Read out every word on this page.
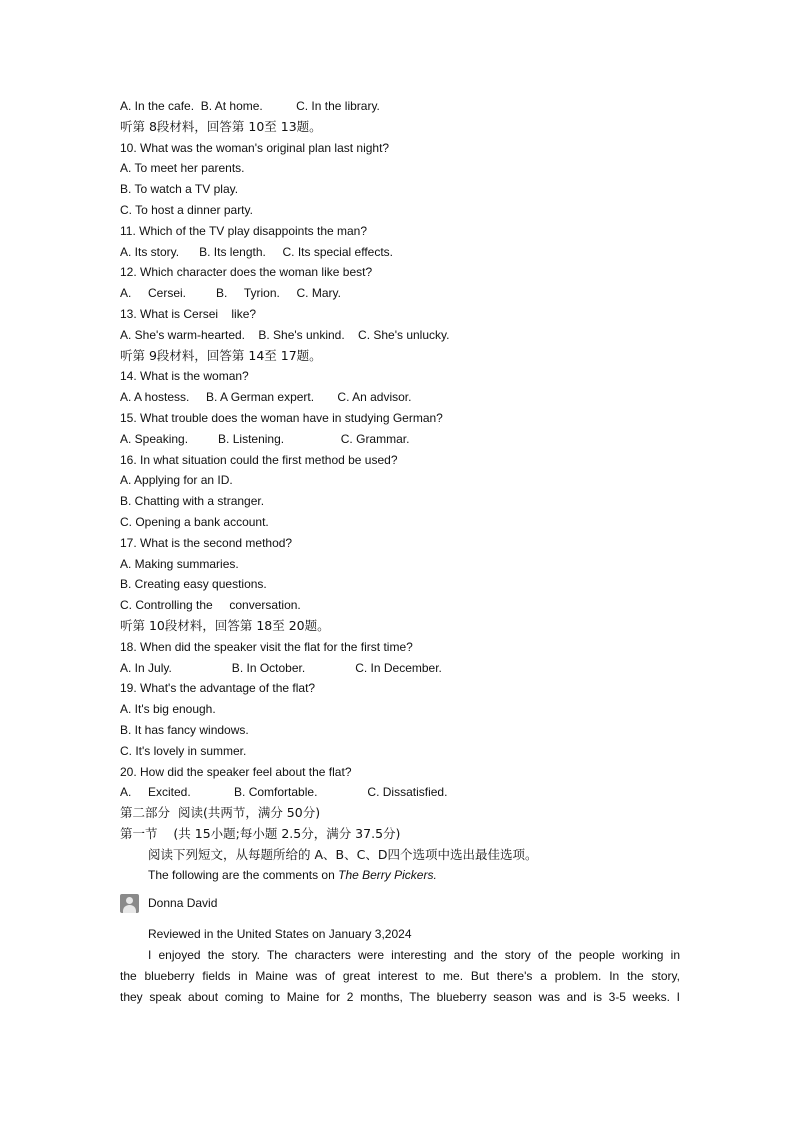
A. In the cafe.  B. At home.          C. In the library.
听第 8段材料，回答第 10至 13题。
10. What was the woman's original plan last night?
A. To meet her parents.
B. To watch a TV play.
C. To host a dinner party.
11. Which of the TV play disappoints the man?
A. Its story.      B. Its length.     C. Its special effects.
12. Which character does the woman like best?
A.     Cersei.         B.     Tyrion.     C. Mary.
13. What is Cersei    like?
A. She's warm-hearted.    B. She's unkind.    C. She's unlucky.
听第 9段材料，回答第 14至 17题。
14. What is the woman?
A. A hostess.     B. A German expert.       C. An advisor.
15. What trouble does the woman have in studying German?
A. Speaking.         B. Listening.                 C. Grammar.
16. In what situation could the first method be used?
A. Applying for an ID.
B. Chatting with a stranger.
C. Opening a bank account.
17. What is the second method?
A. Making summaries.
B. Creating easy questions.
C. Controlling the     conversation.
听第 10段材料，回答第 18至 20题。
18. When did the speaker visit the flat for the first time?
A. In July.                  B. In October.               C. In December.
19. What's the advantage of the flat?
A. It's big enough.
B. It has fancy windows.
C. It's lovely in summer.
20. How did the speaker feel about the flat?
A.     Excited.             B. Comfortable.               C. Dissatisfied.
第二部分  阅读(共两节，满分 50分)
第一节    (共 15小题;每小题 2.5分，满分 37.5分)
阅读下列短文，从每题所给的 A、B、C、D四个选项中选出最佳选项。
The following are the comments on The Berry Pickers.
Donna David
Reviewed in the United States on January 3,2024
I enjoyed the story. The characters were interesting and the story of the people working in
the blueberry fields in Maine was of great interest to me. But there's a problem. In the story,
they speak about coming to Maine for 2 months, The blueberry season was and is 3-5 weeks. I
